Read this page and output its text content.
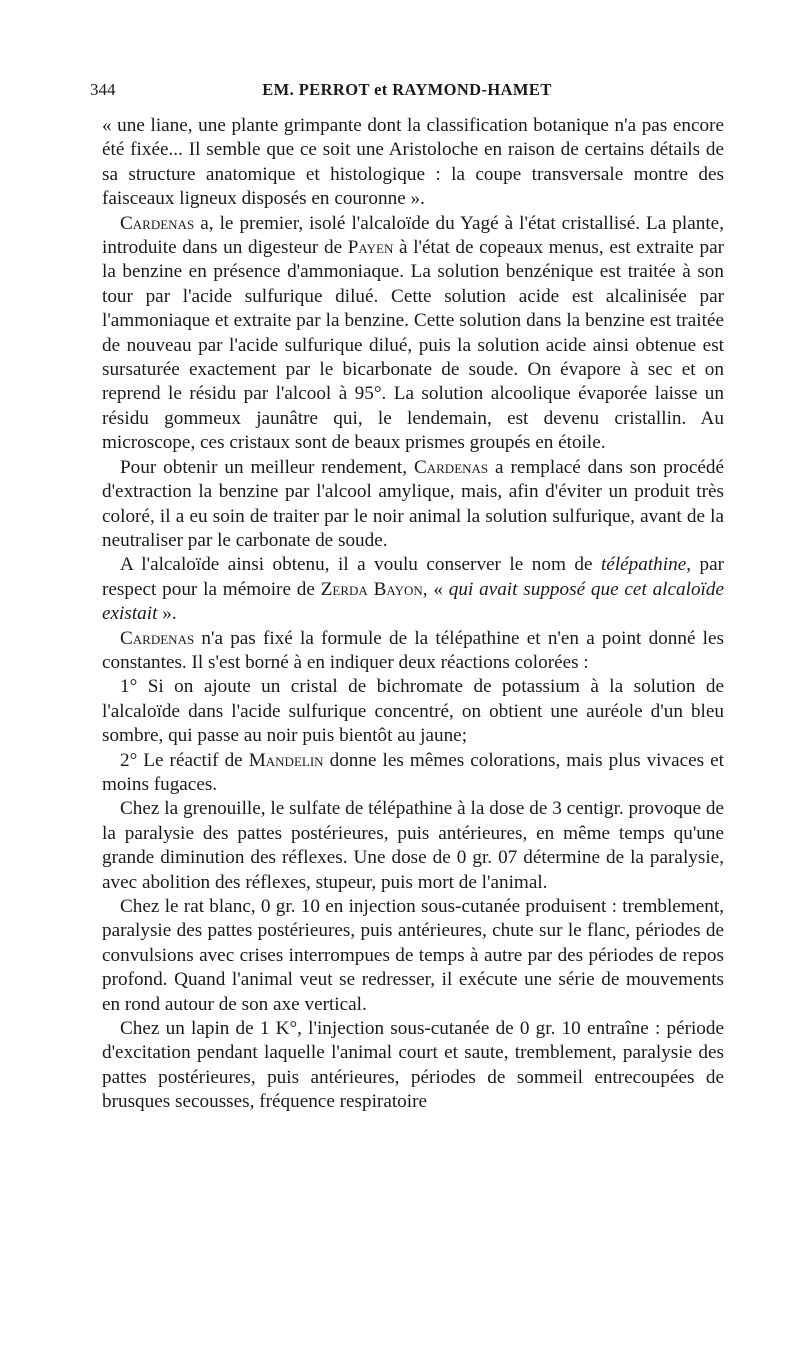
344	EM. PERROT et RAYMOND-HAMET

« une liane, une plante grimpante dont la classification botanique n'a pas encore été fixée... Il semble que ce soit une Aristoloche en raison de certains détails de sa structure anatomique et histologique : la coupe transversale montre des faisceaux ligneux disposés en couronne ».

Cardenas a, le premier, isolé l'alcaloïde du Yagé à l'état cristallisé. La plante, introduite dans un digesteur de Payen à l'état de copeaux menus, est extraite par la benzine en présence d'ammoniaque. La solution benzénique est traitée à son tour par l'acide sulfurique dilué. Cette solution acide est alcalinisée par l'ammoniaque et extraite par la benzine. Cette solution dans la benzine est traitée de nouveau par l'acide sulfurique dilué, puis la solution acide ainsi obtenue est sursaturée exactement par le bicarbonate de soude. On évapore à sec et on reprend le résidu par l'alcool à 95°. La solution alcoolique évaporée laisse un résidu gommeux jaunâtre qui, le lendemain, est devenu cristallin. Au microscope, ces cristaux sont de beaux prismes groupés en étoile.

Pour obtenir un meilleur rendement, Cardenas a remplacé dans son procédé d'extraction la benzine par l'alcool amylique, mais, afin d'éviter un produit très coloré, il a eu soin de traiter par le noir animal la solution sulfurique, avant de la neutraliser par le carbonate de soude.

A l'alcaloïde ainsi obtenu, il a voulu conserver le nom de télépathine, par respect pour la mémoire de Zerda Bayon, « qui avait supposé que cet alcaloïde existait ».

Cardenas n'a pas fixé la formule de la télépathine et n'en a point donné les constantes. Il s'est borné à en indiquer deux réactions colorées :

1° Si on ajoute un cristal de bichromate de potassium à la solution de l'alcaloïde dans l'acide sulfurique concentré, on obtient une auréole d'un bleu sombre, qui passe au noir puis bientôt au jaune;

2° Le réactif de Mandelin donne les mêmes colorations, mais plus vivaces et moins fugaces.

Chez la grenouille, le sulfate de télépathine à la dose de 3 centigr. provoque de la paralysie des pattes postérieures, puis antérieures, en même temps qu'une grande diminution des réflexes. Une dose de 0 gr. 07 détermine de la paralysie, avec abolition des réflexes, stupeur, puis mort de l'animal.

Chez le rat blanc, 0 gr. 10 en injection sous-cutanée produisent : tremblement, paralysie des pattes postérieures, puis antérieures, chute sur le flanc, périodes de convulsions avec crises interrompues de temps à autre par des périodes de repos profond. Quand l'animal veut se redresser, il exécute une série de mouvements en rond autour de son axe vertical.

Chez un lapin de 1 K°, l'injection sous-cutanée de 0 gr. 10 entraîne : période d'excitation pendant laquelle l'animal court et saute, tremblement, paralysie des pattes postérieures, puis antérieures, périodes de sommeil entrecoupées de brusques secousses, fréquence respiratoire
